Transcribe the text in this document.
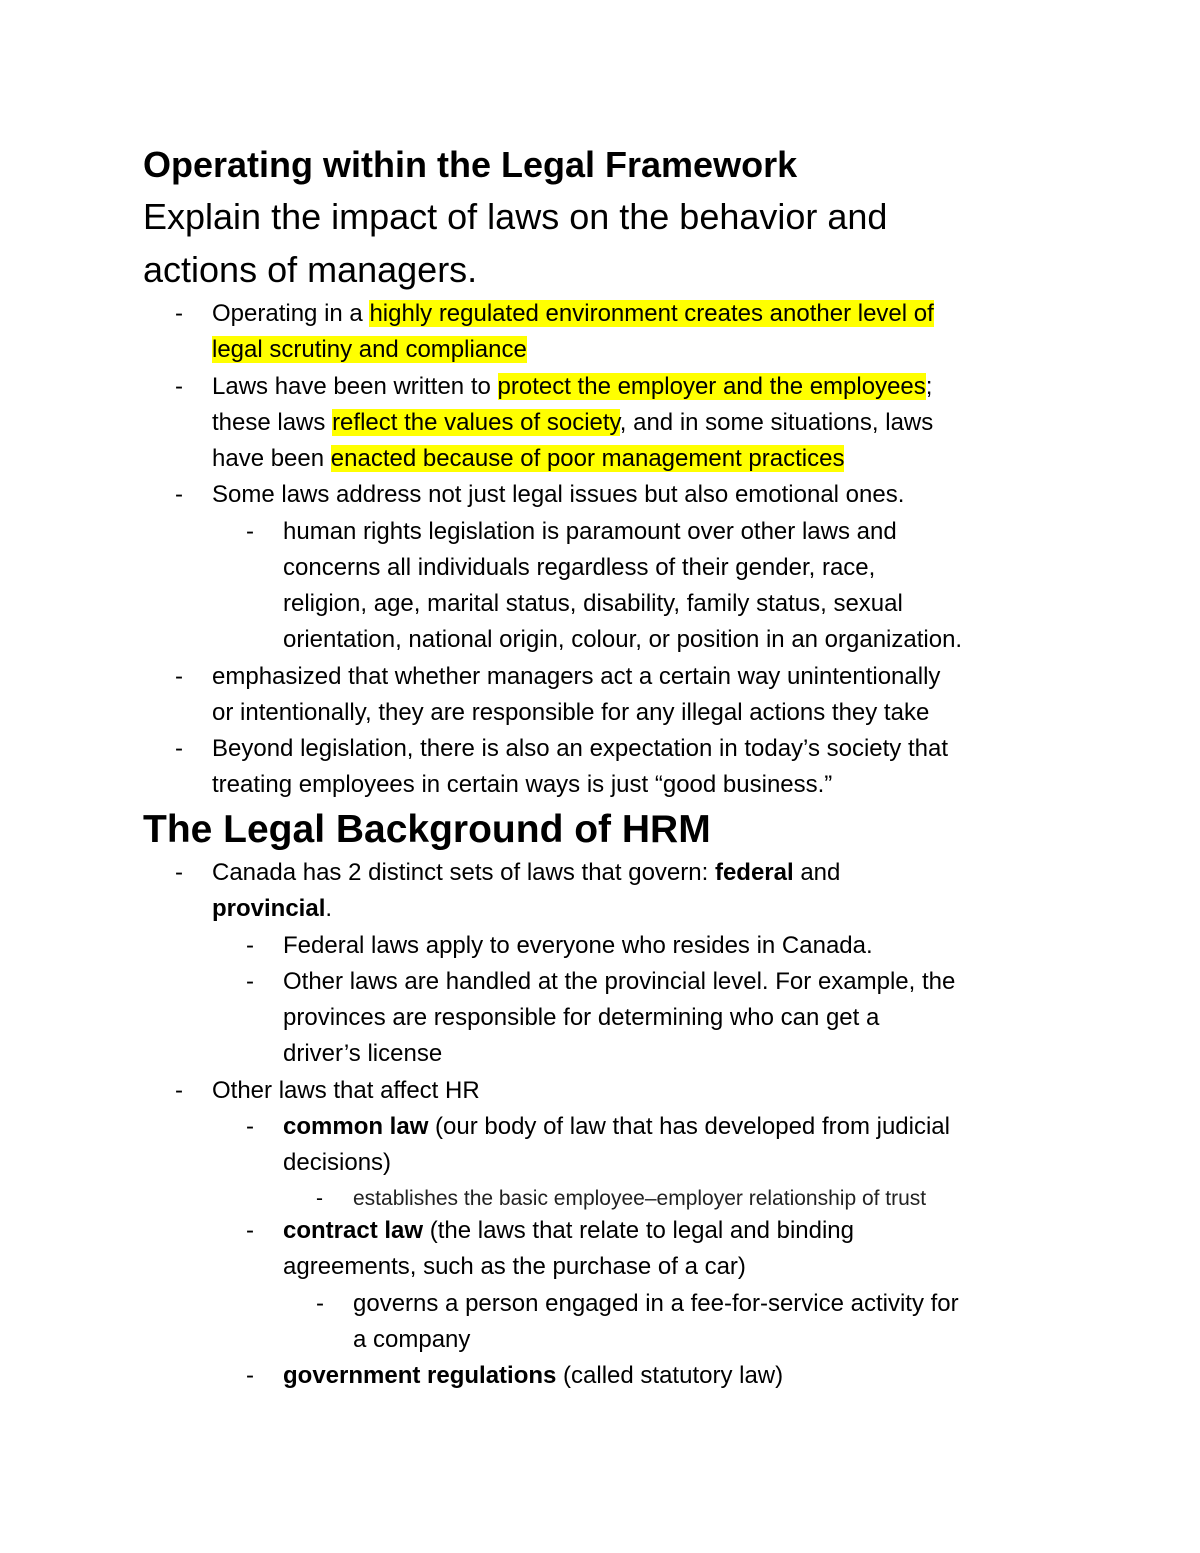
Operating within the Legal Framework
Explain the impact of laws on the behavior and
actions of managers.
- Operating in a highly regulated environment creates another level of
legal scrutiny and compliance
- Laws have been written to protect the employer and the employees;
these laws reflect the values of society, and in some situations, laws
have been enacted because of poor management practices
- Some laws address not just legal issues but also emotional ones.
- human rights legislation is paramount over other laws and
concerns all individuals regardless of their gender, race,
religion, age, marital status, disability, family status, sexual
orientation, national origin, colour, or position in an organization.
- emphasized that whether managers act a certain way unintentionally
or intentionally, they are responsible for any illegal actions they take
- Beyond legislation, there is also an expectation in today’s society that
treating employees in certain ways is just “good business.”
The Legal Background of HRM
- Canada has 2 distinct sets of laws that govern: federal and
provincial.
- Federal laws apply to everyone who resides in Canada.
- Other laws are handled at the provincial level. For example, the
provinces are responsible for determining who can get a
driver’s license
- Other laws that affect HR
- common law (our body of law that has developed from judicial
decisions)
- establishes the basic employee–employer relationship of trust
- contract law (the laws that relate to legal and binding
agreements, such as the purchase of a car)
- governs a person engaged in a fee-for-service activity for
a company
- government regulations (called statutory law)
